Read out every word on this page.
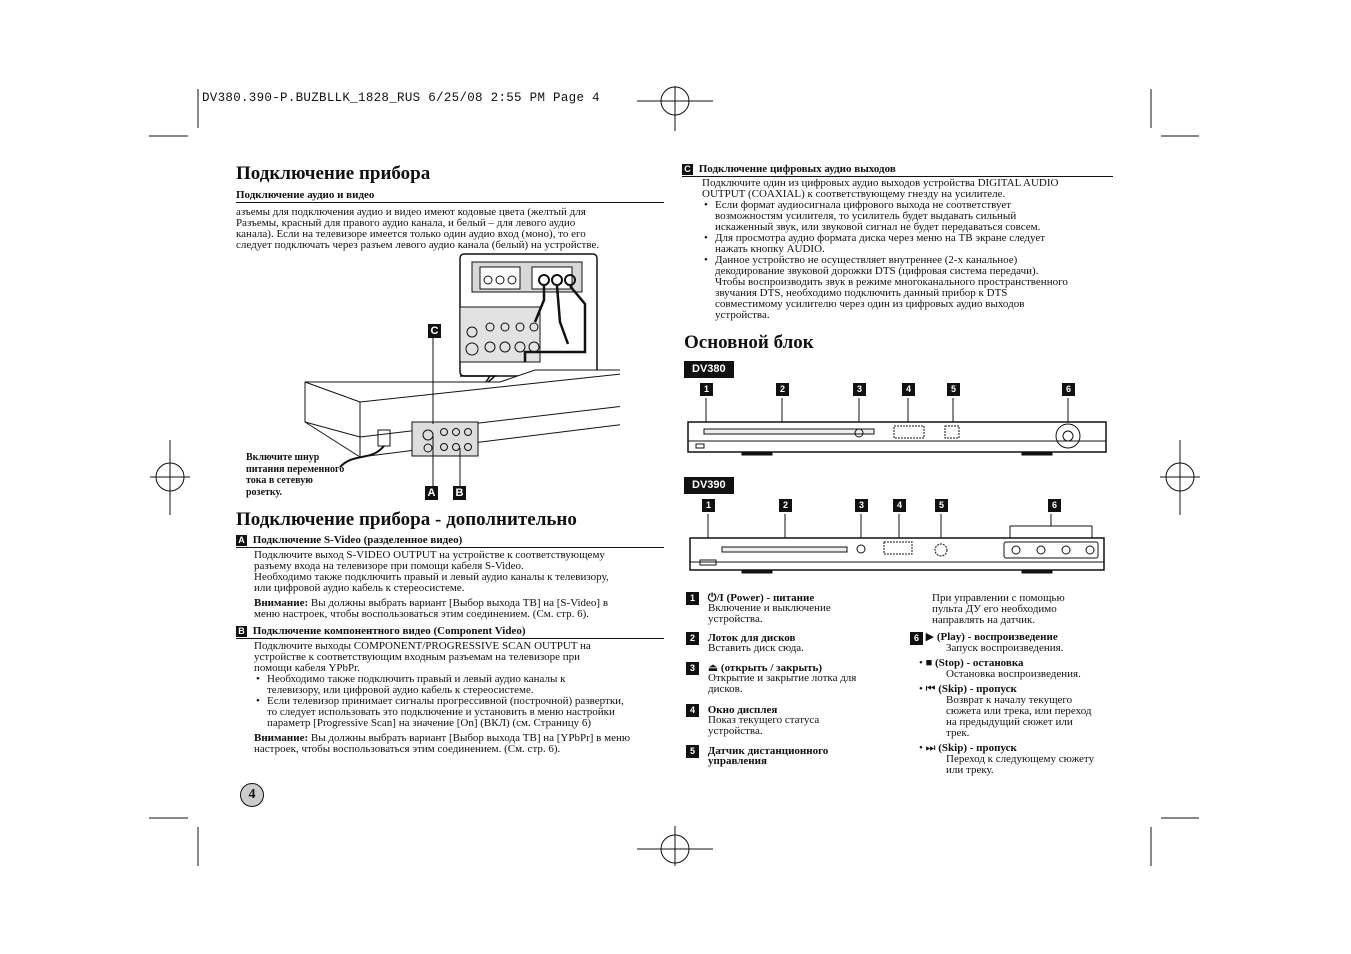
DV380.390-P.BUZBLLK_1828_RUS 6/25/08 2:55 PM Page 4
Подключение прибора
Подключение аудио и видео

азъемы для подключения аудио и видео имеют кодовые цвета (желтый для

Разъемы, красный для правого аудио канала, и белый – для левого аудио

канала). Если на телевизоре имеется только один аудио вход (моно), то его

следует подключать через разъем левого аудио канала (белый) на устройстве.

C
A B
Включите шнур
питания переменного
тока в сетевую
розетку.
Подключение прибора - дополнительно
A Подключение S-Video (разделенное видео)

Подключите выход S-VIDEO OUTPUT на устройстве к соответствующему

разъему входа на телевизоре при помощи кабеля S-Video.

Необходимо также подключить правый и левый аудио каналы к телевизору,

или цифровой аудио кабель к стереосистеме.

Внимание: Вы должны выбрать вариант [Выбор выхода ТВ] на [S-Video] в

меню настроек, чтобы воспользоваться этим соединением. (См. стр. 6).

B Подключение компонентного видео (Component Video)

Подключите выходы COMPONENT/PROGRESSIVE SCAN OUTPUT на

устройстве к соответствующим входным разъемам на телевизоре при

помощи кабеля YPbPr.

• Необходимо также подключить правый и левый аудио каналы к
телевизору, или цифровой аудио кабель к стереосистеме.
• Если телевизор принимает сигналы прогрессивной (построчной) развертки,
то следует использовать это подключение и установить в меню настройки
параметр [Progressive Scan] на значение [On] (ВКЛ) (см. Страницу 6)

Внимание: Вы должны выбрать вариант [Выбор выхода ТВ] на [YPbPr] в меню

настроек, чтобы воспользоваться этим соединением. (См. стр. 6).

4
C Подключение цифровых аудио выходов

Подключите один из цифровых аудио выходов устройства DIGITAL AUDIO

OUTPUT (COAXIAL) к соответствующему гнезду на усилителе.

• Если формат аудиосигнала цифрового выхода не соответствует
возможностям усилителя, то усилитель будет выдавать сильный
искаженный звук, или звуковой сигнал не будет передаваться совсем.
• Для просмотра аудио формата диска через меню на ТВ экране следует
нажать кнопку AUDIO.
• Данное устройство не осуществляет внутреннее (2-х канальное)
декодирование звуковой дорожки DTS (цифровая система передачи).
Чтобы воспроизводить звук в режиме многоканального пространственного
звучания DTS, необходимо подключить данный прибор к DTS
совместимому усилителю через один из цифровых аудио выходов
устройства.
Основной блок
DV380
1	2	3	4	5	6
DV390
1	2	3	4	5	6
1 ⏻/I (Power) - питание

Включение и выключение

устройства.

2 Лоток для дисков

Вставить диск сюда.

3 ⏏ (открыть / закрыть)

Открытие и закрытие лотка для

дисков.

4 Окно дисплея

Показ текущего статуса

устройства.

5 Датчик дистанционного
управления

При управлении с помощью

пульта ДУ его необходимо

направлять на датчик.

6 • ▶ (Play) - воспроизведение

Запуск воспроизведения.

• ■ (Stop) - остановка

Остановка воспроизведения.

• ⏮ (Skip) - пропуск

Возврат к началу текущего

сюжета или трека, или переход

на предыдущий сюжет или

трек.

• ⏭ (Skip) - пропуск

Переход к следующему сюжету

или треку.
